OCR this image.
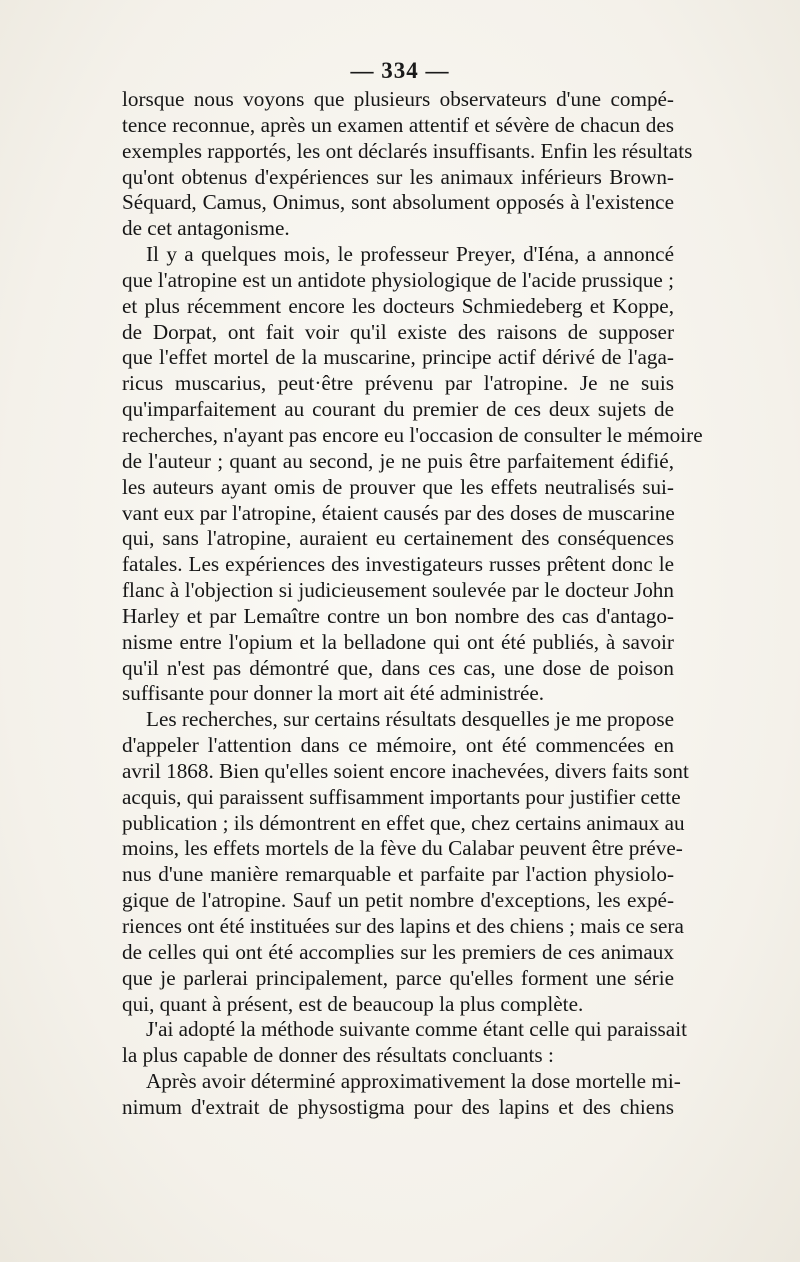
— 334 —
lorsque nous voyons que plusieurs observateurs d'une compé-
tence reconnue, après un examen attentif et sévère de chacun des
exemples rapportés, les ont déclarés insuffisants. Enfin les résultats
qu'ont obtenus d'expériences sur les animaux inférieurs Brown-
Séquard, Camus, Onimus, sont absolument opposés à l'existence
de cet antagonisme.
Il y a quelques mois, le professeur Preyer, d'Iéna, a annoncé
que l'atropine est un antidote physiologique de l'acide prussique ;
et plus récemment encore les docteurs Schmiedeberg et Koppe,
de Dorpat, ont fait voir qu'il existe des raisons de supposer
que l'effet mortel de la muscarine, principe actif dérivé de l'aga-
ricus muscarius, peut·être prévenu par l'atropine. Je ne suis
qu'imparfaitement au courant du premier de ces deux sujets de
recherches, n'ayant pas encore eu l'occasion de consulter le mémoire
de l'auteur ; quant au second, je ne puis être parfaitement édifié,
les auteurs ayant omis de prouver que les effets neutralisés sui-
vant eux par l'atropine, étaient causés par des doses de muscarine
qui, sans l'atropine, auraient eu certainement des conséquences
fatales. Les expériences des investigateurs russes prêtent donc le
flanc à l'objection si judicieusement soulevée par le docteur John
Harley et par Lemaître contre un bon nombre des cas d'antago-
nisme entre l'opium et la belladone qui ont été publiés, à savoir
qu'il n'est pas démontré que, dans ces cas, une dose de poison
suffisante pour donner la mort ait été administrée.
Les recherches, sur certains résultats desquelles je me propose
d'appeler l'attention dans ce mémoire, ont été commencées en
avril 1868. Bien qu'elles soient encore inachevées, divers faits sont
acquis, qui paraissent suffisamment importants pour justifier cette
publication ; ils démontrent en effet que, chez certains animaux au
moins, les effets mortels de la fève du Calabar peuvent être préve-
nus d'une manière remarquable et parfaite par l'action physiolo-
gique de l'atropine. Sauf un petit nombre d'exceptions, les expé-
riences ont été instituées sur des lapins et des chiens ; mais ce sera
de celles qui ont été accomplies sur les premiers de ces animaux
que je parlerai principalement, parce qu'elles forment une série
qui, quant à présent, est de beaucoup la plus complète.
J'ai adopté la méthode suivante comme étant celle qui paraissait
la plus capable de donner des résultats concluants :
Après avoir déterminé approximativement la dose mortelle mi-
nimum d'extrait de physostigma pour des lapins et des chiens
